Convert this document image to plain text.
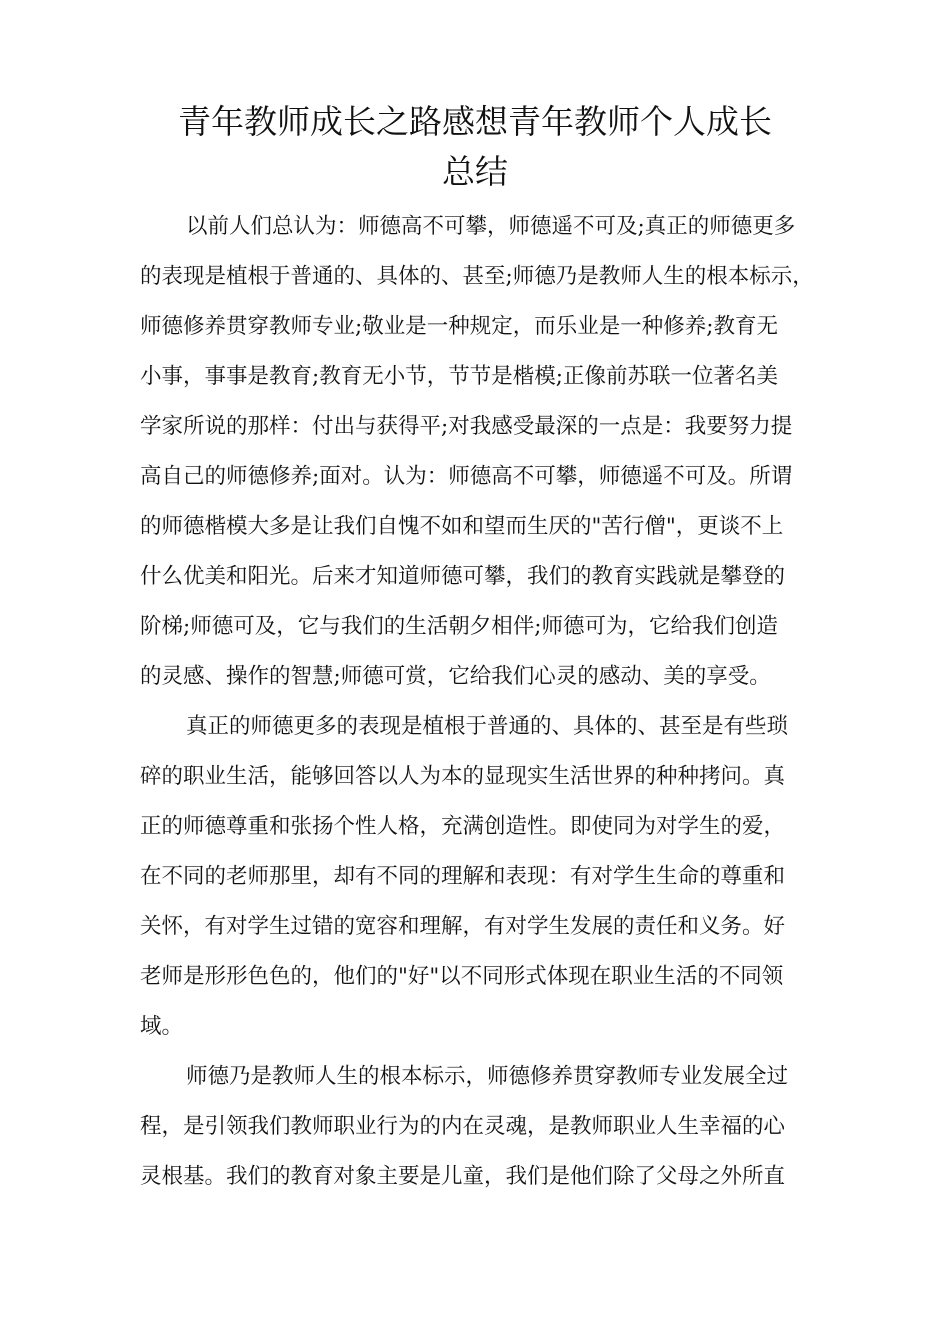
青年教师成长之路感想青年教师个人成长
总结

以前人们总认为：师德高不可攀，师德遥不可及;真正的师德更多

的表现是植根于普通的、具体的、甚至;师德乃是教师人生的根本标示，

师德修养贯穿教师专业;敬业是一种规定，而乐业是一种修养;教育无

小事，事事是教育;教育无小节，节节是楷模;正像前苏联一位著名美

学家所说的那样：付出与获得平;对我感受最深的一点是：我要努力提

高自己的师德修养;面对。认为：师德高不可攀，师德遥不可及。所谓

的师德楷模大多是让我们自愧不如和望而生厌的"苦行僧"，更谈不上

什么优美和阳光。后来才知道师德可攀，我们的教育实践就是攀登的

阶梯;师德可及，它与我们的生活朝夕相伴;师德可为，它给我们创造

的灵感、操作的智慧;师德可赏，它给我们心灵的感动、美的享受。

真正的师德更多的表现是植根于普通的、具体的、甚至是有些琐

碎的职业生活，能够回答以人为本的显现实生活世界的种种拷问。真

正的师德尊重和张扬个性人格，充满创造性。即使同为对学生的爱，

在不同的老师那里，却有不同的理解和表现：有对学生生命的尊重和

关怀，有对学生过错的宽容和理解，有对学生发展的责任和义务。好

老师是形形色色的，他们的"好"以不同形式体现在职业生活的不同领

域。

师德乃是教师人生的根本标示，师德修养贯穿教师专业发展全过

程，是引领我们教师职业行为的内在灵魂，是教师职业人生幸福的心

灵根基。我们的教育对象主要是儿童，我们是他们除了父母之外所直
